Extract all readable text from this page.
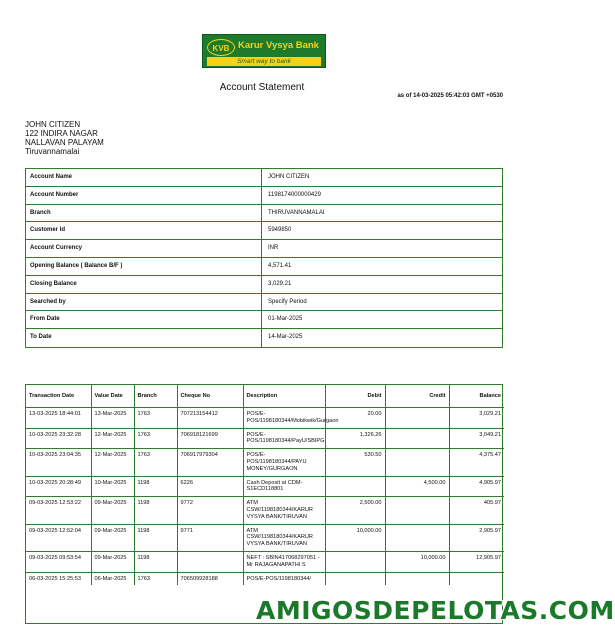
KVB Karur Vysya Bank
Smart way to bank
Account Statement
as of 14-03-2025 05:42:03 GMT +0530
JOHN CITIZEN
122 INDIRA NAGAR
NALLAVAN PALAYAM
Tiruvannamalai
Account Name	JOHN CITIZEN
Account Number	1198174000000429
Branch	THIRUVANNAMALAI
Customer Id	5949850
Account Currency	INR
Opening Balance ( Balance B/F )	4,571.41
Closing Balance	3,029.21
Searched by	Specify Period
From Date	01-Mar-2025
To Date	14-Mar-2025
Transaction Date	Value Date	Branch	Cheque No	Description	Debit	Credit	Balance
13-03-2025 18:44:01	13-Mar-2025	1763	707213154412	POS/E-POS/1198180344/Mobikwik/Gurgaon	20.00		3,029.21
10-03-2025 23:32:28	12-Mar-2025	1763	706918121699	POS/E-POS/1198180344/PayU/SBIPG	1,326.26		3,049.21
10-03-2025 23:04:35	12-Mar-2025	1763	706917979304	POS/E-POS/1198180344/PAYU MONEY/GURGAON	530.50		4,375.47
10-03-2025 20:28:49	10-Mar-2025	1198	6226	Cash Deposit at CDM-S1ECD118801		4,500.00	4,905.97
09-03-2025 12:53:22	09-Mar-2025	1198	9772	ATM CSW/1198180344/KARUR VYSYA BANK/TIRUVAN	2,500.00		405.97
09-03-2025 12:52:04	09-Mar-2025	1198	9771	ATM CSW/1198180344/KARUR VYSYA BANK/TIRUVAN	10,000.00		2,905.97
09-03-2025 09:53:54	09-Mar-2025	1198		NEFT : SBIN417068297051 - Mr RAJAGANAPATHI S		10,000.00	12,905.97
06-03-2025 15:25:53	06-Mar-2025	1763	706509928188	POS/E-POS/1198180344/			
AMIGOSDEPELOTAS.COM
